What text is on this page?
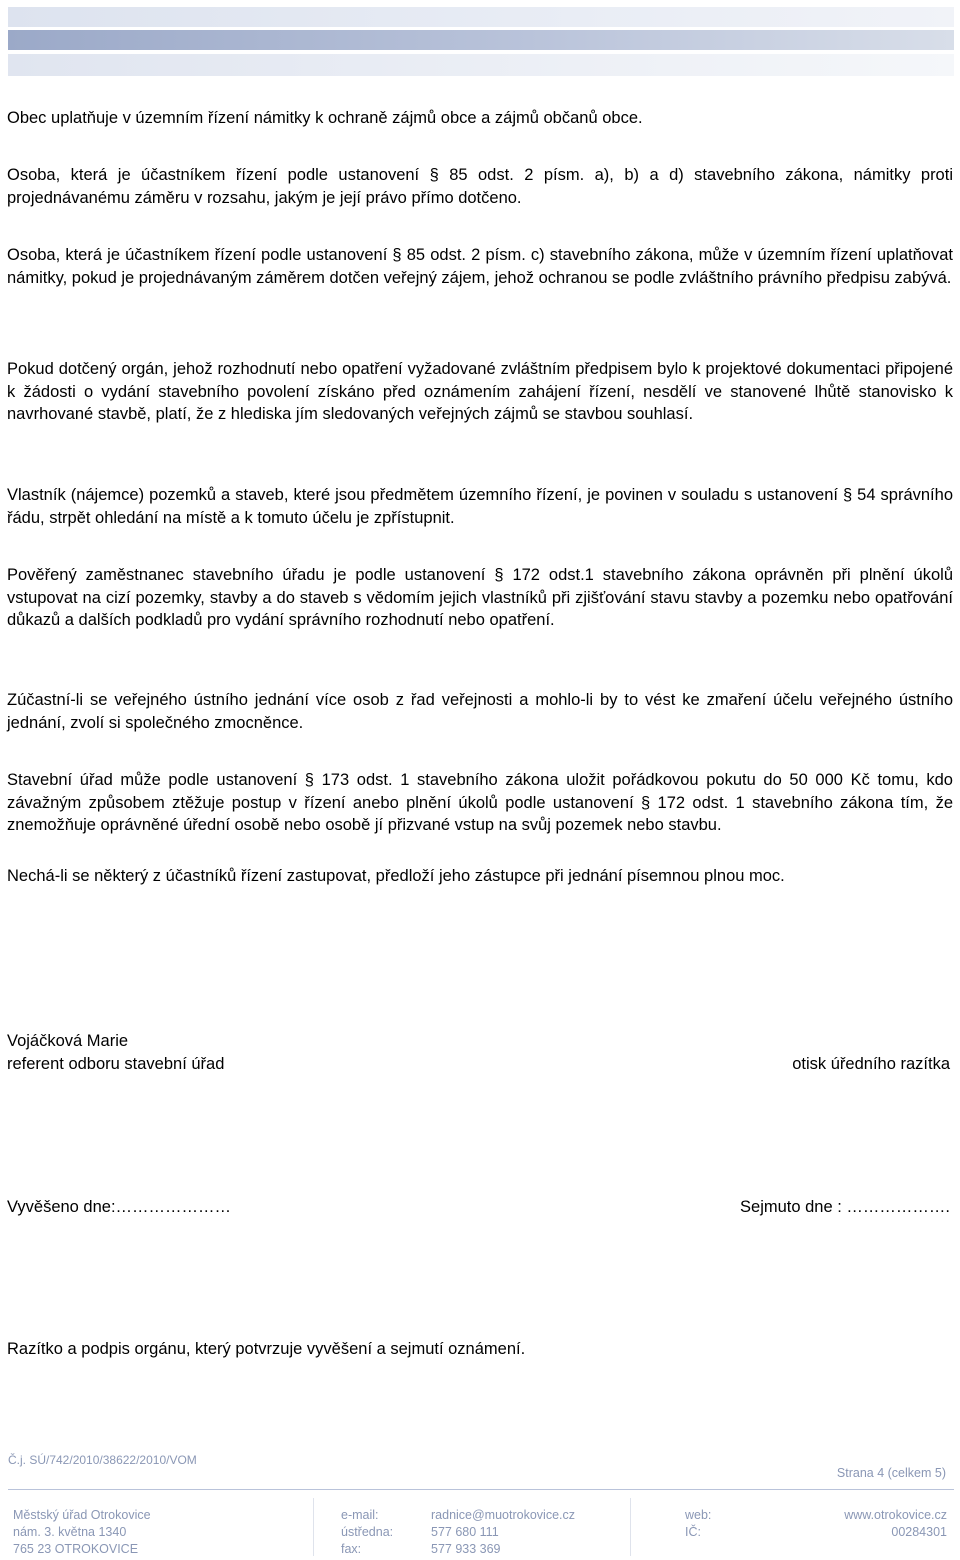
Obec uplatňuje v územním řízení námitky k ochraně zájmů obce a zájmů občanů obce.

Osoba, která je účastníkem řízení podle ustanovení § 85 odst. 2 písm. a), b) a d) stavebního zákona, námitky proti projednávanému záměru v rozsahu, jakým je její právo přímo dotčeno.

Osoba, která je účastníkem řízení podle ustanovení § 85 odst. 2 písm. c) stavebního zákona, může v územním řízení uplatňovat námitky, pokud je projednávaným záměrem dotčen veřejný zájem, jehož ochranou se podle zvláštního právního předpisu zabývá.

Pokud dotčený orgán, jehož rozhodnutí nebo opatření vyžadované zvláštním předpisem bylo k projektové dokumentaci připojené k žádosti o vydání stavebního povolení získáno před oznámením zahájení řízení, nesdělí ve stanovené lhůtě stanovisko k navrhované stavbě, platí, že z hlediska jím sledovaných veřejných zájmů se stavbou souhlasí.

Vlastník (nájemce) pozemků a staveb, které jsou předmětem územního řízení, je povinen v souladu s ustanovení § 54 správního řádu, strpět ohledání na místě a k tomuto účelu je zpřístupnit.

Pověřený zaměstnanec stavebního úřadu je podle ustanovení § 172 odst.1 stavebního zákona oprávněn při plnění úkolů vstupovat na cizí pozemky, stavby a do staveb s vědomím jejich vlastníků při zjišťování stavu stavby a pozemku nebo opatřování důkazů a dalších podkladů pro vydání správního rozhodnutí nebo opatření.

Zúčastní-li se veřejného ústního jednání více osob z řad veřejnosti a mohlo-li by to vést ke zmaření účelu veřejného ústního jednání, zvolí si společného zmocněnce.

Stavební úřad může podle ustanovení § 173 odst. 1 stavebního zákona uložit pořádkovou pokutu do 50 000 Kč tomu, kdo závažným způsobem ztěžuje postup v řízení anebo plnění úkolů podle ustanovení § 172 odst. 1 stavebního zákona tím, že znemožňuje oprávněné úřední osobě nebo osobě jí přizvané vstup na svůj pozemek nebo stavbu.

Nechá-li se některý z účastníků řízení zastupovat, předloží jeho zástupce při jednání písemnou plnou moc.

Vojáčková Marie

referent odboru stavební úřad	otisk úředního razítka

Vyvěšeno dne:…………………	Sejmuto dne : ……………….

Razítko a podpis orgánu, který potvrzuje vyvěšení a sejmutí oznámení.

Č.j. SÚ/742/2010/38622/2010/VOM
Strana 4 (celkem 5)
Městský úřad Otrokovice
nám. 3. května 1340
765 23 OTROKOVICE
e-mail:
ústředna:
fax:
radnice@muotrokovice.cz
577 680 111
577 933 369
web:
IČ:
www.otrokovice.cz
00284301
